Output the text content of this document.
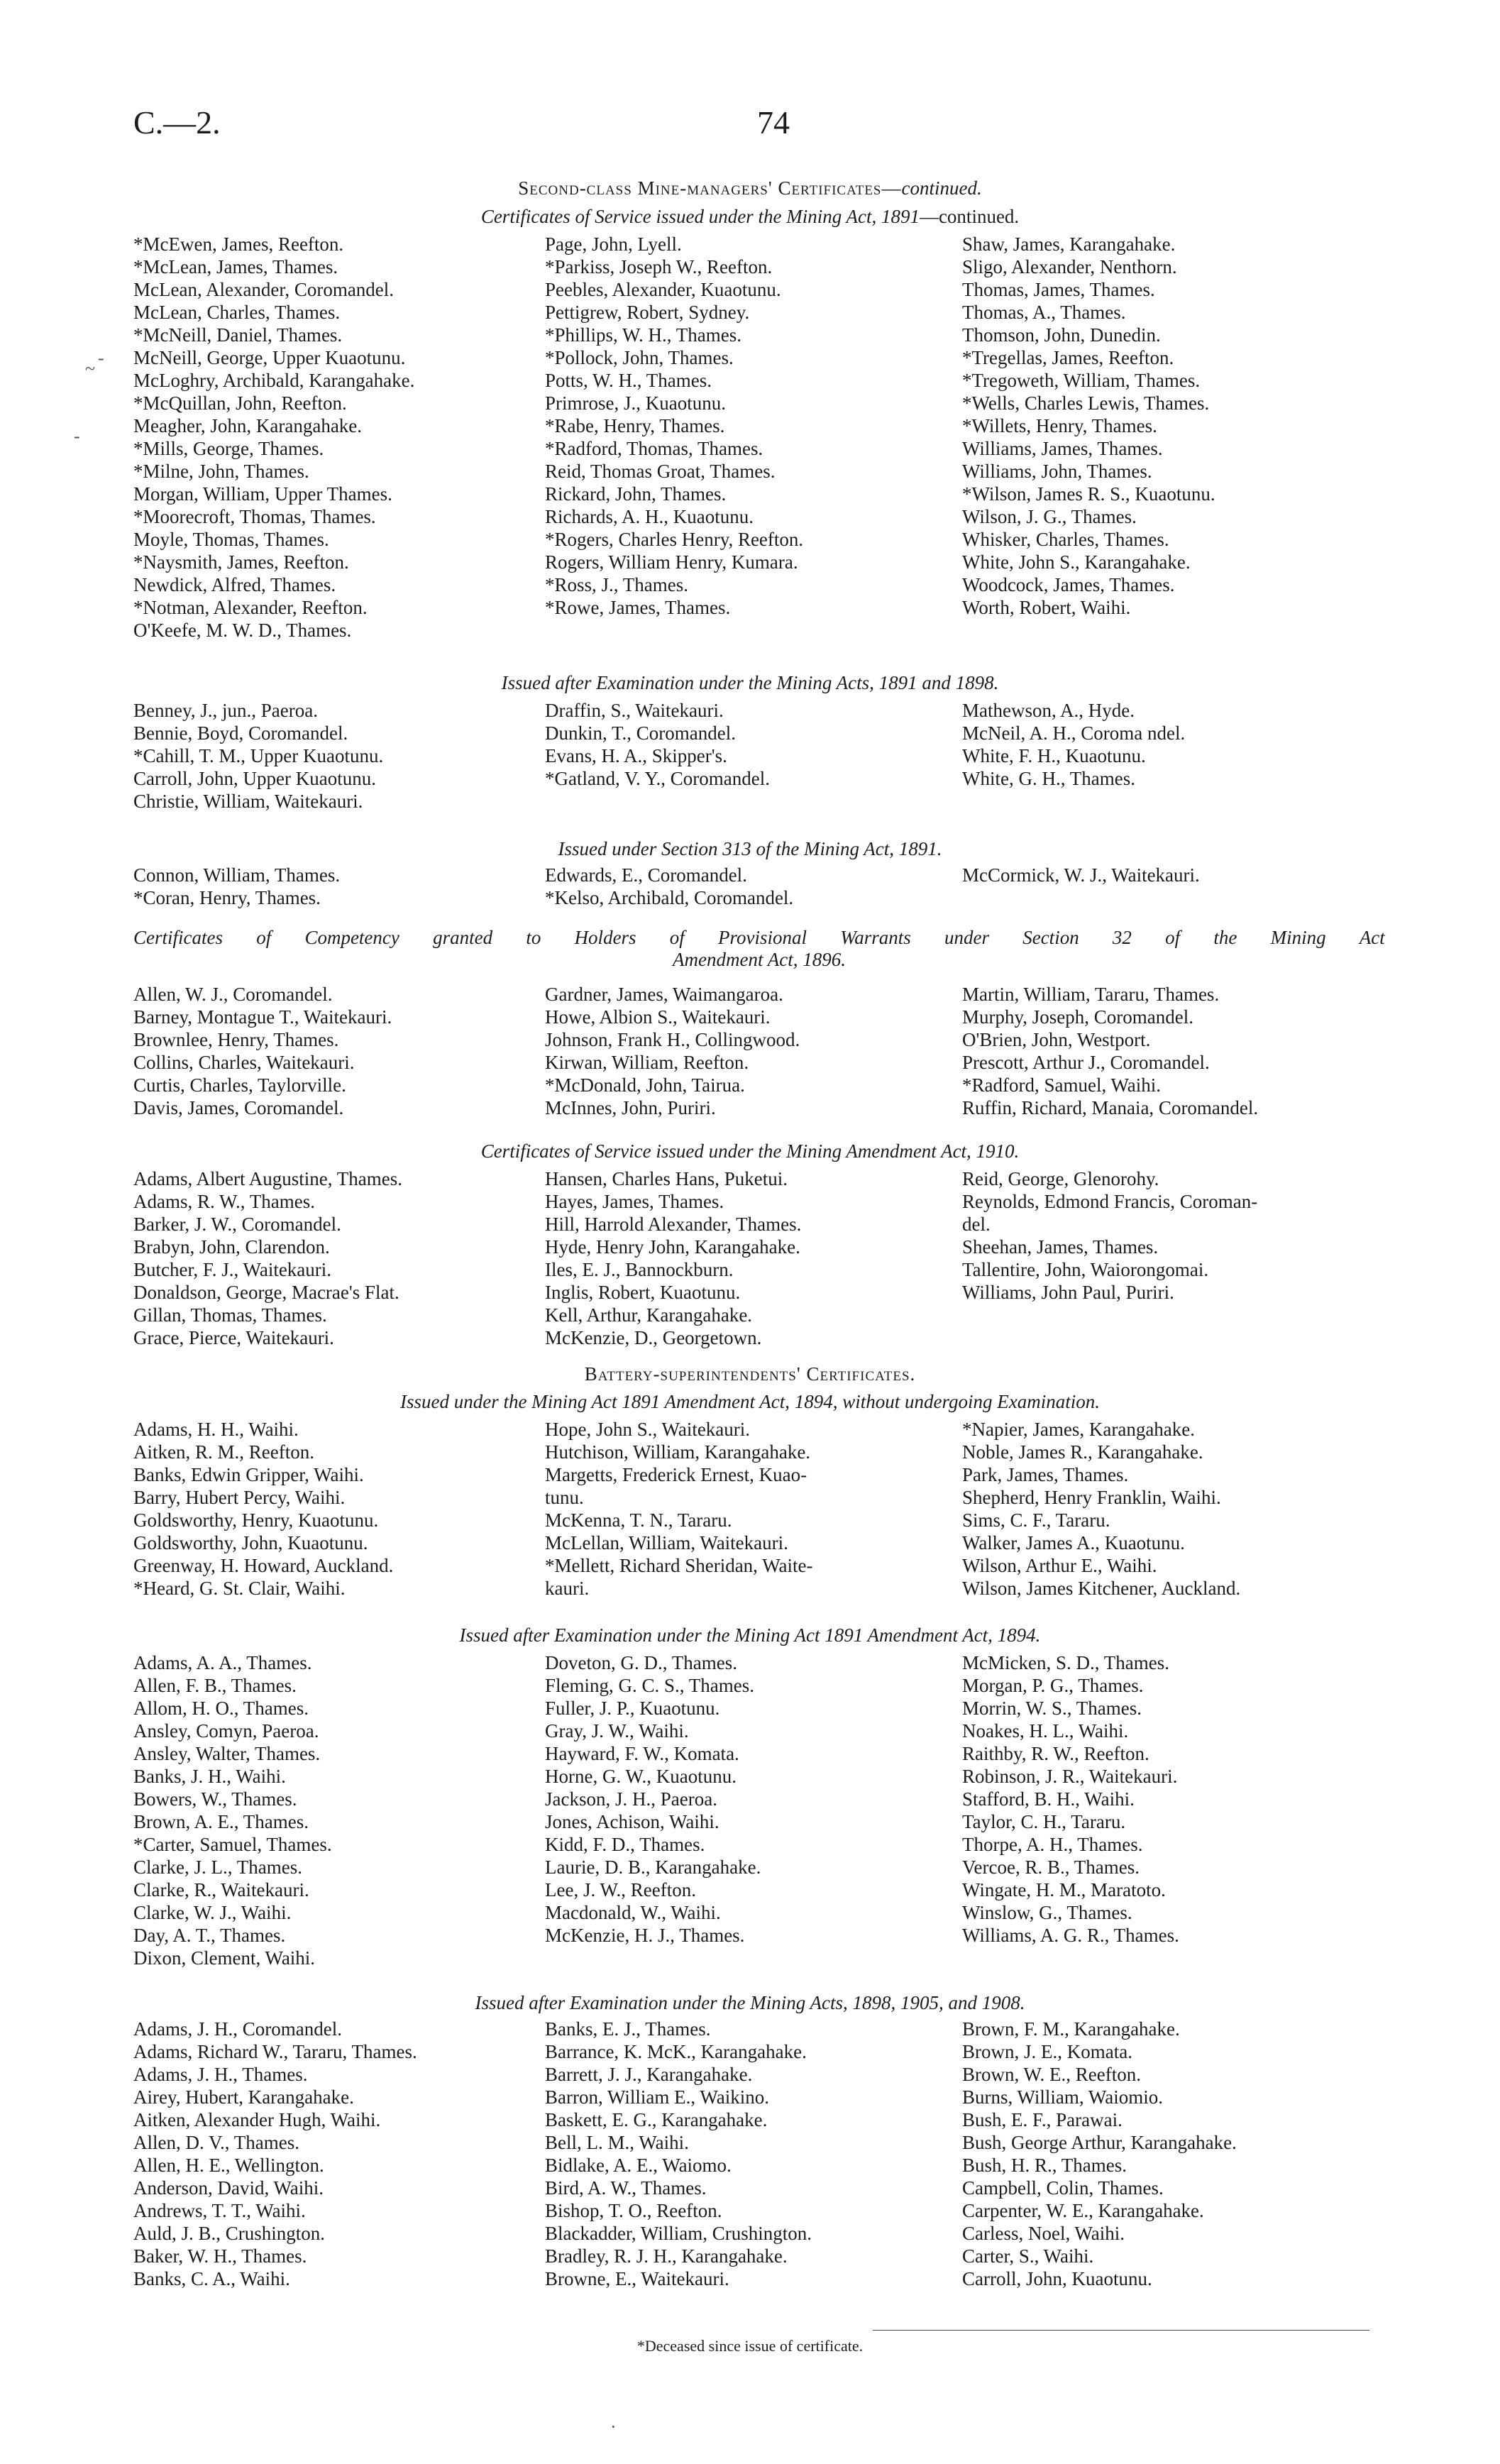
C.—2.	74
Second-class Mine-managers' Certificates—continued.
Certificates of Service issued under the Mining Act, 1891—continued.
*McEwen, James, Reefton.	Page, John, Lyell.	Shaw, James, Karangahake.
*McLean, James, Thames.	*Parkiss, Joseph W., Reefton.	Sligo, Alexander, Nenthorn.
McLean, Alexander, Coromandel.	Peebles, Alexander, Kuaotunu.	Thomas, James, Thames.
McLean, Charles, Thames.	Pettigrew, Robert, Sydney.	Thomas, A., Thames.
*McNeill, Daniel, Thames.	*Phillips, W. H., Thames.	Thomson, John, Dunedin.
McNeill, George, Upper Kuaotunu.	*Pollock, John, Thames.	*Tregellas, James, Reefton.
McLoghry, Archibald, Karangahake.	Potts, W. H., Thames.	*Tregoweth, William, Thames.
*McQuillan, John, Reefton.	Primrose, J., Kuaotunu.	*Wells, Charles Lewis, Thames.
Meagher, John, Karangahake.	*Rabe, Henry, Thames.	*Willets, Henry, Thames.
*Mills, George, Thames.	*Radford, Thomas, Thames.	Williams, James, Thames.
*Milne, John, Thames.	Reid, Thomas Groat, Thames.	Williams, John, Thames.
Morgan, William, Upper Thames.	Rickard, John, Thames.	*Wilson, James R. S., Kuaotunu.
*Moorecroft, Thomas, Thames.	Richards, A. H., Kuaotunu.	Wilson, J. G., Thames.
Moyle, Thomas, Thames.	*Rogers, Charles Henry, Reefton.	Whisker, Charles, Thames.
*Naysmith, James, Reefton.	Rogers, William Henry, Kumara.	White, John S., Karangahake.
Newdick, Alfred, Thames.	*Ross, J., Thames.	Woodcock, James, Thames.
*Notman, Alexander, Reefton.	*Rowe, James, Thames.	Worth, Robert, Waihi.
O'Keefe, M. W. D., Thames.
Issued after Examination under the Mining Acts, 1891 and 1898.
Benney, J., jun., Paeroa.	Draffin, S., Waitekauri.	Mathewson, A., Hyde.
Bennie, Boyd, Coromandel.	Dunkin, T., Coromandel.	McNeil, A. H., Coroma ndel.
*Cahill, T. M., Upper Kuaotunu.	Evans, H. A., Skipper's.	White, F. H., Kuaotunu.
Carroll, John, Upper Kuaotunu.	*Gatland, V. Y., Coromandel.	White, G. H., Thames.
Christie, William, Waitekauri.
Issued under Section 313 of the Mining Act, 1891.
Connon, William, Thames.	Edwards, E., Coromandel.	McCormick, W. J., Waitekauri.
*Coran, Henry, Thames.	*Kelso, Archibald, Coromandel.
Certificates of Competency granted to Holders of Provisional Warrants under Section 32 of the Mining Act
Amendment Act, 1896.
Allen, W. J., Coromandel.	Gardner, James, Waimangaroa.	Martin, William, Tararu, Thames.
Barney, Montague T., Waitekauri.	Howe, Albion S., Waitekauri.	Murphy, Joseph, Coromandel.
Brownlee, Henry, Thames.	Johnson, Frank H., Collingwood.	O'Brien, John, Westport.
Collins, Charles, Waitekauri.	Kirwan, William, Reefton.	Prescott, Arthur J., Coromandel.
Curtis, Charles, Taylorville.	*McDonald, John, Tairua.	*Radford, Samuel, Waihi.
Davis, James, Coromandel.	McInnes, John, Puriri.	Ruffin, Richard, Manaia, Coromandel.
Certificates of Service issued under the Mining Amendment Act, 1910.
Adams, Albert Augustine, Thames.	Hansen, Charles Hans, Puketui.	Reid, George, Glenorohy.
Adams, R. W., Thames.	Hayes, James, Thames.	Reynolds, Edmond Francis, Coroman-
Barker, J. W., Coromandel.	Hill, Harrold Alexander, Thames.	del.
Brabyn, John, Clarendon.	Hyde, Henry John, Karangahake.	Sheehan, James, Thames.
Butcher, F. J., Waitekauri.	Iles, E. J., Bannockburn.	Tallentire, John, Waiorongomai.
Donaldson, George, Macrae's Flat.	Inglis, Robert, Kuaotunu.	Williams, John Paul, Puriri.
Gillan, Thomas, Thames.	Kell, Arthur, Karangahake.
Grace, Pierce, Waitekauri.	McKenzie, D., Georgetown.
Battery-superintendents' Certificates.
Issued under the Mining Act 1891 Amendment Act, 1894, without undergoing Examination.
Adams, H. H., Waihi.	Hope, John S., Waitekauri.	*Napier, James, Karangahake.
Aitken, R. M., Reefton.	Hutchison, William, Karangahake.	Noble, James R., Karangahake.
Banks, Edwin Gripper, Waihi.	Margetts, Frederick Ernest, Kuao-	Park, James, Thames.
Barry, Hubert Percy, Waihi.	tunu.	Shepherd, Henry Franklin, Waihi.
Goldsworthy, Henry, Kuaotunu.	McKenna, T. N., Tararu.	Sims, C. F., Tararu.
Goldsworthy, John, Kuaotunu.	McLellan, William, Waitekauri.	Walker, James A., Kuaotunu.
Greenway, H. Howard, Auckland.	*Mellett, Richard Sheridan, Waite-	Wilson, Arthur E., Waihi.
*Heard, G. St. Clair, Waihi.	kauri.	Wilson, James Kitchener, Auckland.
Issued after Examination under the Mining Act 1891 Amendment Act, 1894.
Adams, A. A., Thames.	Doveton, G. D., Thames.	McMicken, S. D., Thames.
Allen, F. B., Thames.	Fleming, G. C. S., Thames.	Morgan, P. G., Thames.
Allom, H. O., Thames.	Fuller, J. P., Kuaotunu.	Morrin, W. S., Thames.
Ansley, Comyn, Paeroa.	Gray, J. W., Waihi.	Noakes, H. L., Waihi.
Ansley, Walter, Thames.	Hayward, F. W., Komata.	Raithby, R. W., Reefton.
Banks, J. H., Waihi.	Horne, G. W., Kuaotunu.	Robinson, J. R., Waitekauri.
Bowers, W., Thames.	Jackson, J. H., Paeroa.	Stafford, B. H., Waihi.
Brown, A. E., Thames.	Jones, Achison, Waihi.	Taylor, C. H., Tararu.
*Carter, Samuel, Thames.	Kidd, F. D., Thames.	Thorpe, A. H., Thames.
Clarke, J. L., Thames.	Laurie, D. B., Karangahake.	Vercoe, R. B., Thames.
Clarke, R., Waitekauri.	Lee, J. W., Reefton.	Wingate, H. M., Maratoto.
Clarke, W. J., Waihi.	Macdonald, W., Waihi.	Winslow, G., Thames.
Day, A. T., Thames.	McKenzie, H. J., Thames.	Williams, A. G. R., Thames.
Dixon, Clement, Waihi.
Issued after Examination under the Mining Acts, 1898, 1905, and 1908.
Adams, J. H., Coromandel.	Banks, E. J., Thames.	Brown, F. M., Karangahake.
Adams, Richard W., Tararu, Thames.	Barrance, K. McK., Karangahake.	Brown, J. E., Komata.
Adams, J. H., Thames.	Barrett, J. J., Karangahake.	Brown, W. E., Reefton.
Airey, Hubert, Karangahake.	Barron, William E., Waikino.	Burns, William, Waiomio.
Aitken, Alexander Hugh, Waihi.	Baskett, E. G., Karangahake.	Bush, E. F., Parawai.
Allen, D. V., Thames.	Bell, L. M., Waihi.	Bush, George Arthur, Karangahake.
Allen, H. E., Wellington.	Bidlake, A. E., Waiomo.	Bush, H. R., Thames.
Anderson, David, Waihi.	Bird, A. W., Thames.	Campbell, Colin, Thames.
Andrews, T. T., Waihi.	Bishop, T. O., Reefton.	Carpenter, W. E., Karangahake.
Auld, J. B., Crushington.	Blackadder, William, Crushington.	Carless, Noel, Waihi.
Baker, W. H., Thames.	Bradley, R. J. H., Karangahake.	Carter, S., Waihi.
Banks, C. A., Waihi.	Browne, E., Waitekauri.	Carroll, John, Kuaotunu.
*Deceased since issue of certificate.
-
~
-
·
